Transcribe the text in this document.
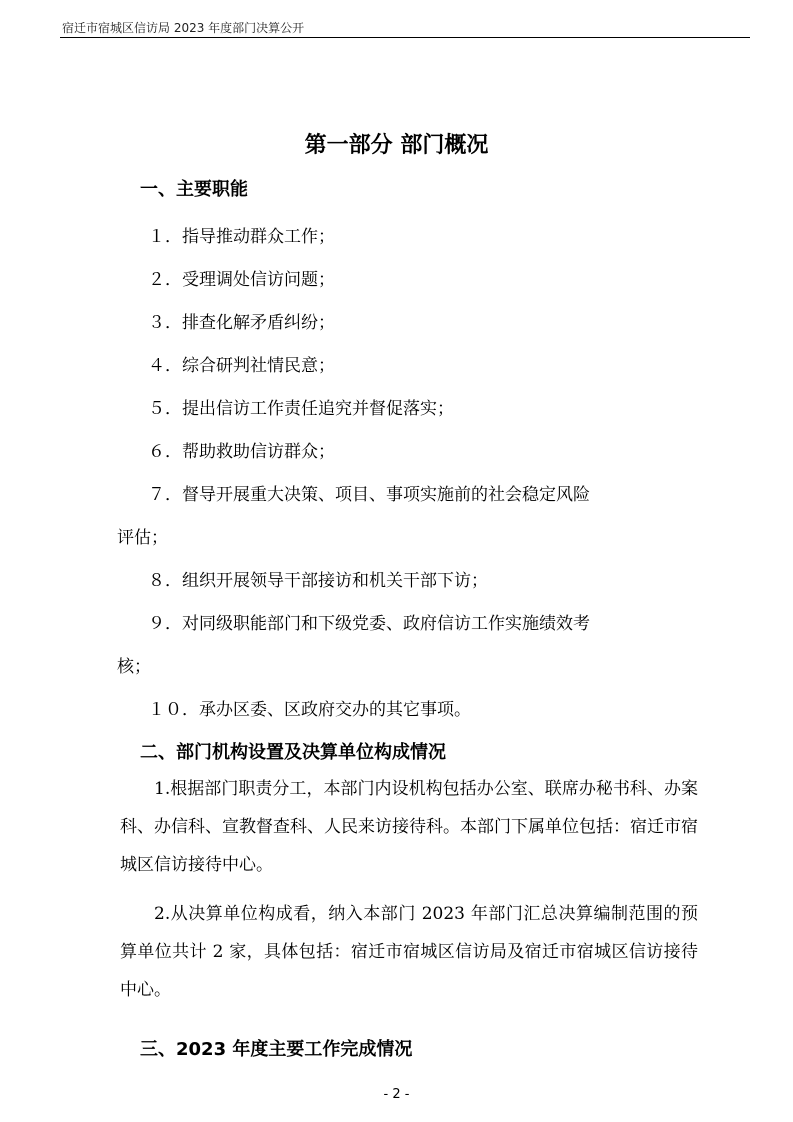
宿迁市宿城区信访局 2023 年度部门决算公开
第一部分 部门概况
一、主要职能
１．指导推动群众工作；
２．受理调处信访问题；
３．排查化解矛盾纠纷；
４．综合研判社情民意；
５．提出信访工作责任追究并督促落实；
６．帮助救助信访群众；
７．督导开展重大决策、项目、事项实施前的社会稳定风险
评估；
８．组织开展领导干部接访和机关干部下访；
９．对同级职能部门和下级党委、政府信访工作实施绩效考
核；
１０．承办区委、区政府交办的其它事项。
二、部门机构设置及决算单位构成情况
1.根据部门职责分工，本部门内设机构包括办公室、联席办秘书科、办案科、办信科、宣教督查科、人民来访接待科。本部门下属单位包括：宿迁市宿城区信访接待中心。
2.从决算单位构成看，纳入本部门 2023 年部门汇总决算编制范围的预算单位共计 2 家，具体包括：宿迁市宿城区信访局及宿迁市宿城区信访接待中心。
三、2023 年度主要工作完成情况
- 2 -
